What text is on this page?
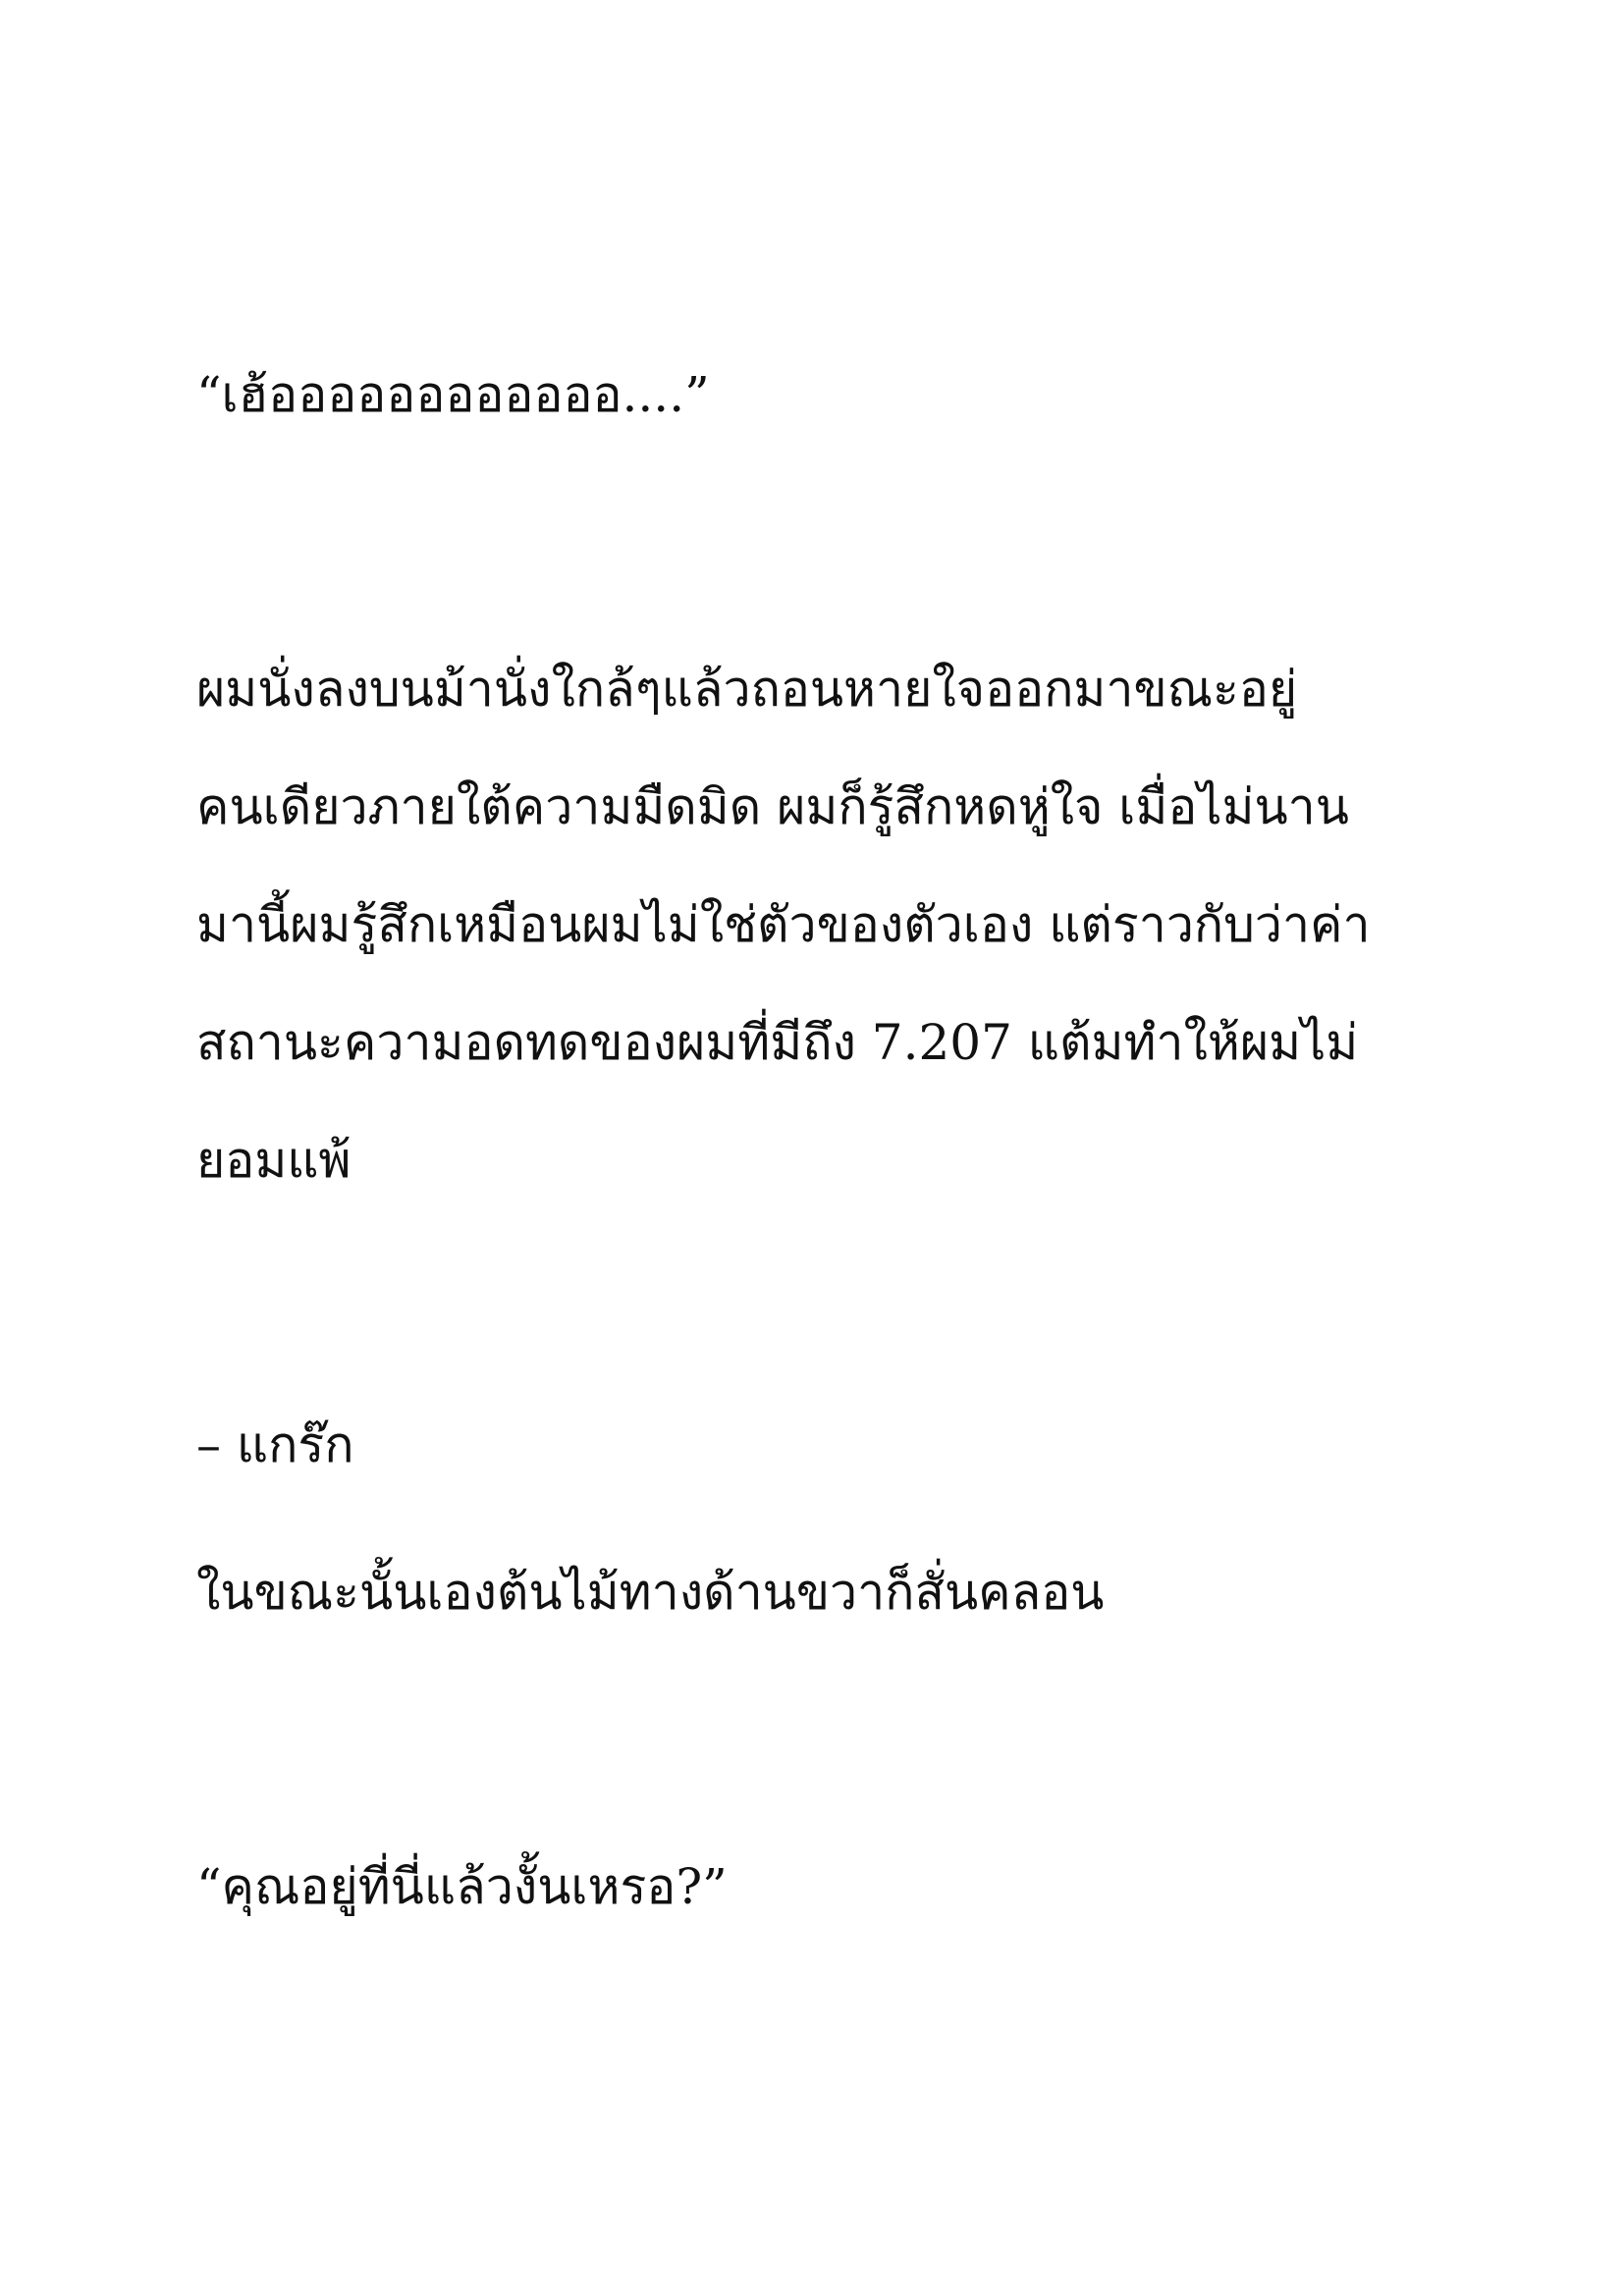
“เฮ้ออออออออออออ....”
ผมนั่งลงบนม้านั่งใกล้ๆแล้วถอนหายใจออกมาขณะอยู่
คนเดียวภายใต้ความมืดมิด ผมก็รู้สึกหดหู่ใจ เมื่อไม่นาน
มานี้ผมรู้สึกเหมือนผมไม่ใช่ตัวของตัวเอง แต่ราวกับว่าค่า
สถานะความอดทดของผมที่มีถึง 7.207 แต้มทำให้ผมไม่
ยอมแพ้
– แกร๊ก
ในขณะนั้นเองต้นไม้ทางด้านขวาก็สั่นคลอน
“คุณอยู่ที่นี่แล้วงั้นเหรอ?”
